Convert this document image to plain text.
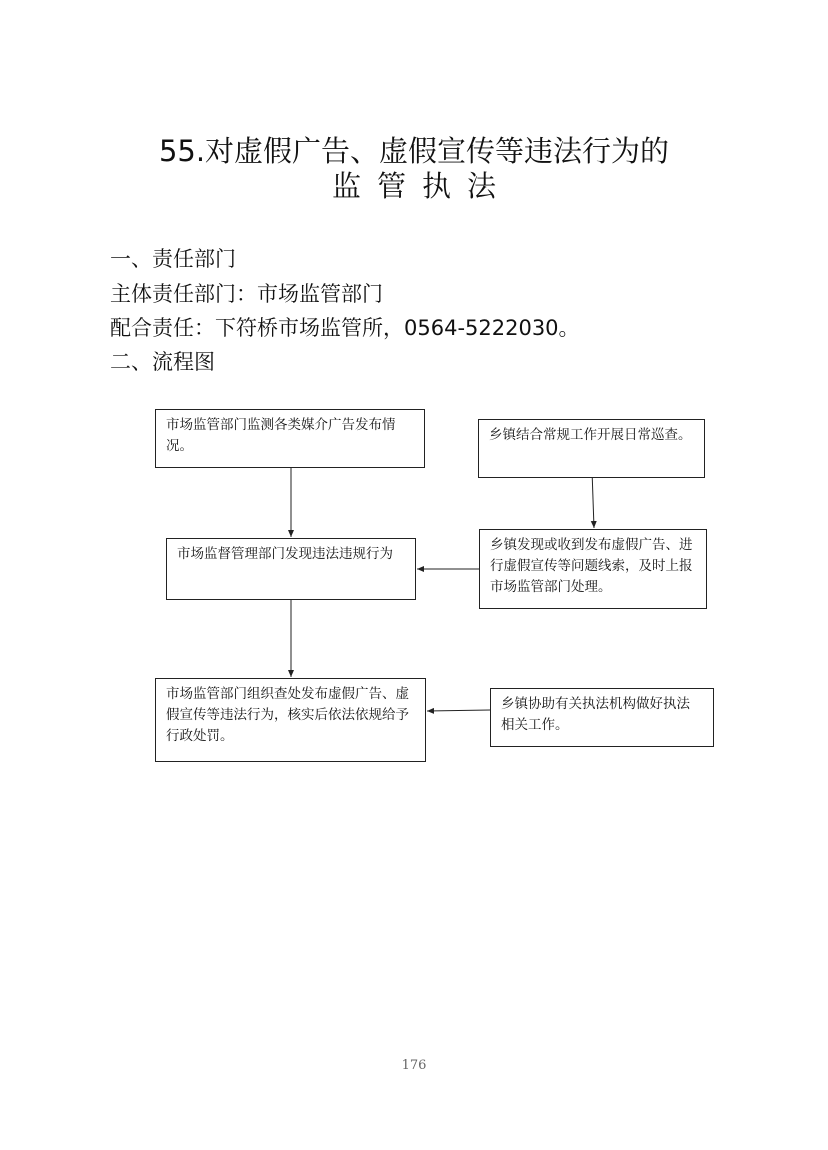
55.对虚假广告、虚假宣传等违法行为的
监管执法
一、责任部门
主体责任部门：市场监管部门
配合责任：下符桥市场监管所，0564-5222030。
二、流程图
市场监管部门监测各类媒介广告发布情况。
乡镇结合常规工作开展日常巡查。
市场监督管理部门发现违法违规行为
乡镇发现或收到发布虚假广告、进行虚假宣传等问题线索，及时上报市场监管部门处理。
市场监管部门组织查处发布虚假广告、虚假宣传等违法行为，核实后依法依规给予行政处罚。
乡镇协助有关执法机构做好执法相关工作。
176
